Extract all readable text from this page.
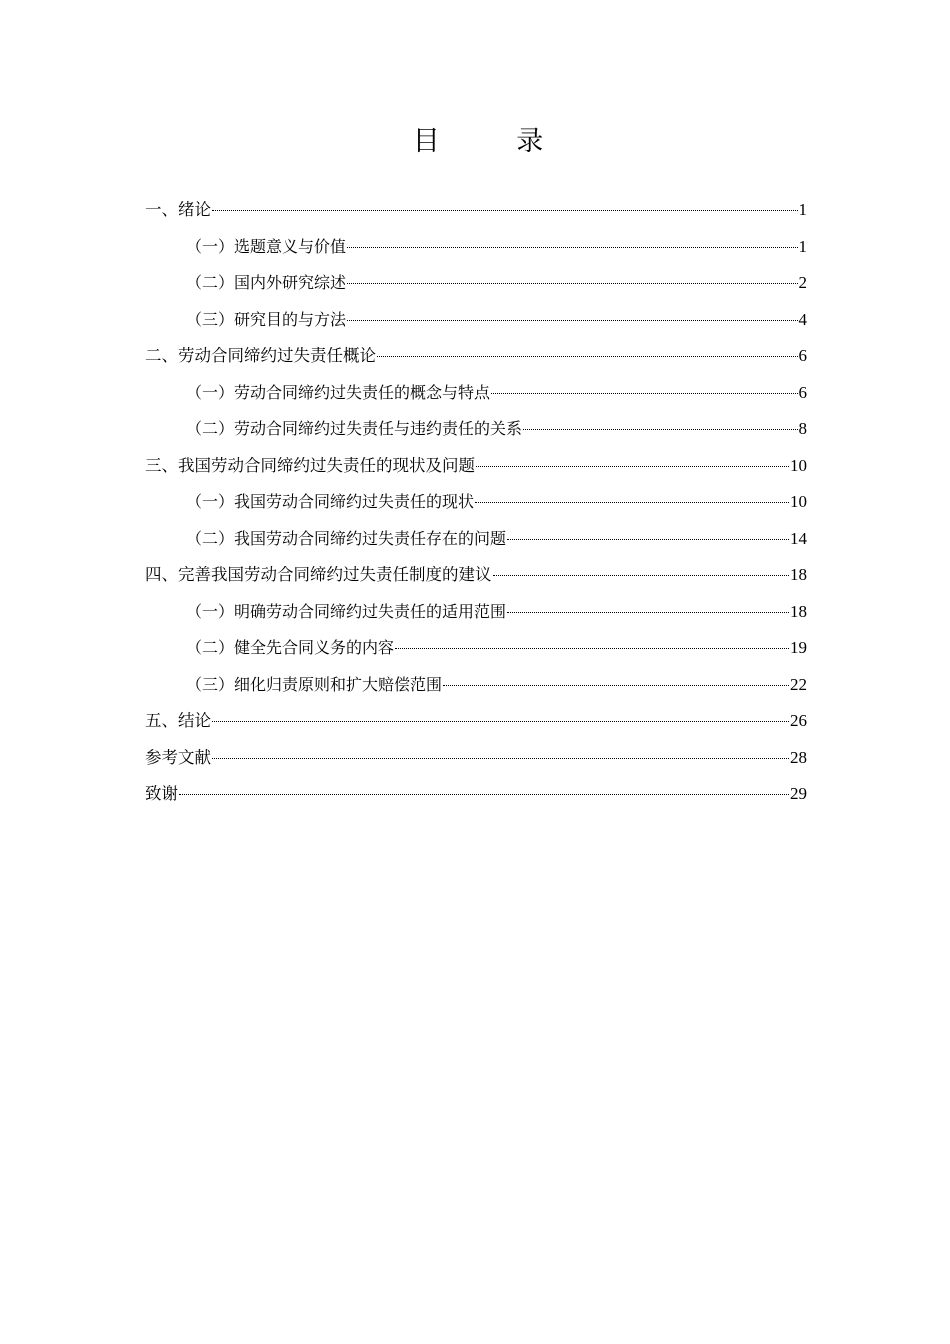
目 录
一、绪论	1
（一）选题意义与价值	1
（二）国内外研究综述	2
（三）研究目的与方法	4
二、劳动合同缔约过失责任概论	6
（一）劳动合同缔约过失责任的概念与特点	6
（二）劳动合同缔约过失责任与违约责任的关系	8
三、我国劳动合同缔约过失责任的现状及问题	10
（一）我国劳动合同缔约过失责任的现状	10
（二）我国劳动合同缔约过失责任存在的问题	14
四、完善我国劳动合同缔约过失责任制度的建议	18
（一）明确劳动合同缔约过失责任的适用范围	18
（二）健全先合同义务的内容	19
（三）细化归责原则和扩大赔偿范围	22
五、结论	26
参考文献	28
致谢	29
